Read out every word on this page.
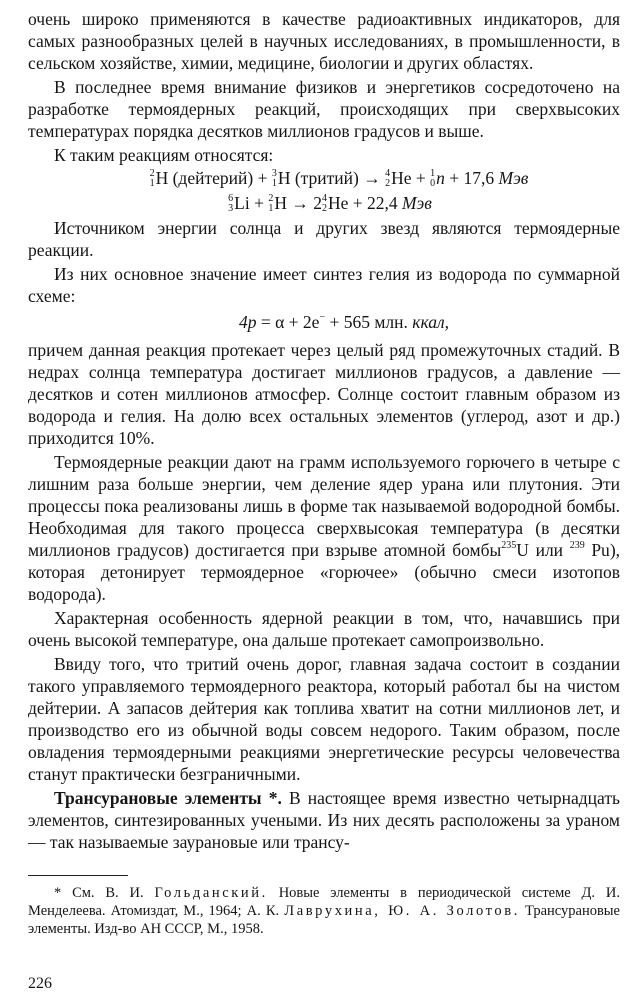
очень широко применяются в качестве радиоактивных индикаторов, для самых разнообразных целей в научных исследованиях, в промышленности, в сельском хозяйстве, химии, медицине, биологии и других областях.

В последнее время внимание физиков и энергетиков сосредоточено на разработке термоядерных реакций, происходящих при сверхвысоких температурах порядка десятков миллионов градусов и выше.

К таким реакциям относятся:

2
1 H (дейтерий) + 3
1 H (тритий) → 4
2 He + 1
0 n + 17,6 Мэв
6
3 Li + 2
1 H → 2 4
2 He + 22,4 Мэв

Источником энергии солнца и других звезд являются термоядерные реакции.

Из них основное значение имеет синтез гелия из водорода по суммарной схеме:

4p = α + 2e− + 565 млн. ккал,

причем данная реакция протекает через целый ряд промежуточных стадий. В недрах солнца температура достигает миллионов градусов, а давление — десятков и сотен миллионов атмосфер. Солнце состоит главным образом из водорода и гелия. На долю всех остальных элементов (углерод, азот и др.) приходится 10%.

Термоядерные реакции дают на грамм используемого горючего в четыре с лишним раза больше энергии, чем деление ядер урана или плутония. Эти процессы пока реализованы лишь в форме так называемой водородной бомбы. Необходимая для такого процесса сверхвысокая температура (в десятки миллионов градусов) достигается при взрыве атомной бомбы$^{235}$U или $^{239}$ Pu), которая детонирует термоядерное «горючее» (обычно смеси изотопов водорода).

Характерная особенность ядерной реакции в том, что, начавшись при очень высокой температуре, она дальше протекает самопроизвольно.

Ввиду того, что тритий очень дорог, главная задача состоит в создании такого управляемого термоядерного реактора, который работал бы на чистом дейтерии. А запасов дейтерия как топлива хватит на сотни миллионов лет, и производство его из обычной воды совсем недорого. Таким образом, после овладения термоядерными реакциями энергетические ресурсы человечества станут практически безграничными.

Трансурановые элементы *. В настоящее время известно четырнадцать элементов, синтезированных учеными. Из них десять расположены за ураном — так называемые заурановые или трансу-

* См. В. И. Гольданский. Новые элементы в периодической системе Д. И. Менделеева. Атомиздат, М., 1964; А. К. Лаврухина, Ю. А. Золотов. Трансурановые элементы. Изд-во АН СССР, М., 1958.

226
